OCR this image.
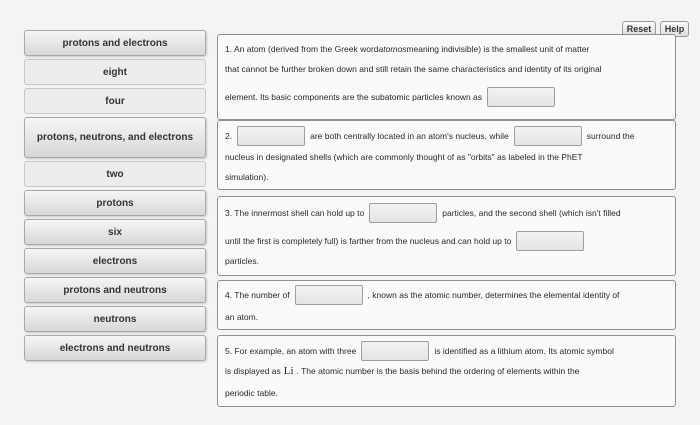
Reset	Help
protons and electrons
eight
four
protons, neutrons, and electrons
two
protons
six
electrons
protons and neutrons
neutrons
electrons and neutrons
1. An atom (derived from the Greek word atomos meaning indivisible) is the smallest unit of matter
that cannot be further broken down and still retain the same characteristics and identity of its original
element. Its basic components are the subatomic particles known as
2.	are both centrally located in an atom's nucleus, while	surround the
nucleus in designated shells (which are commonly thought of as "orbits" as labeled in the PhET
simulation).
3. The innermost shell can hold up to	particles, and the second shell (which isn't filled
until the first is completely full) is farther from the nucleus and can hold up to
particles.
4. The number of	, known as the atomic number, determines the elemental identity of
an atom.
5. For example, an atom with three	is identified as a lithium atom. Its atomic symbol
is displayed as Li . The atomic number is the basis behind the ordering of elements within the
periodic table.
